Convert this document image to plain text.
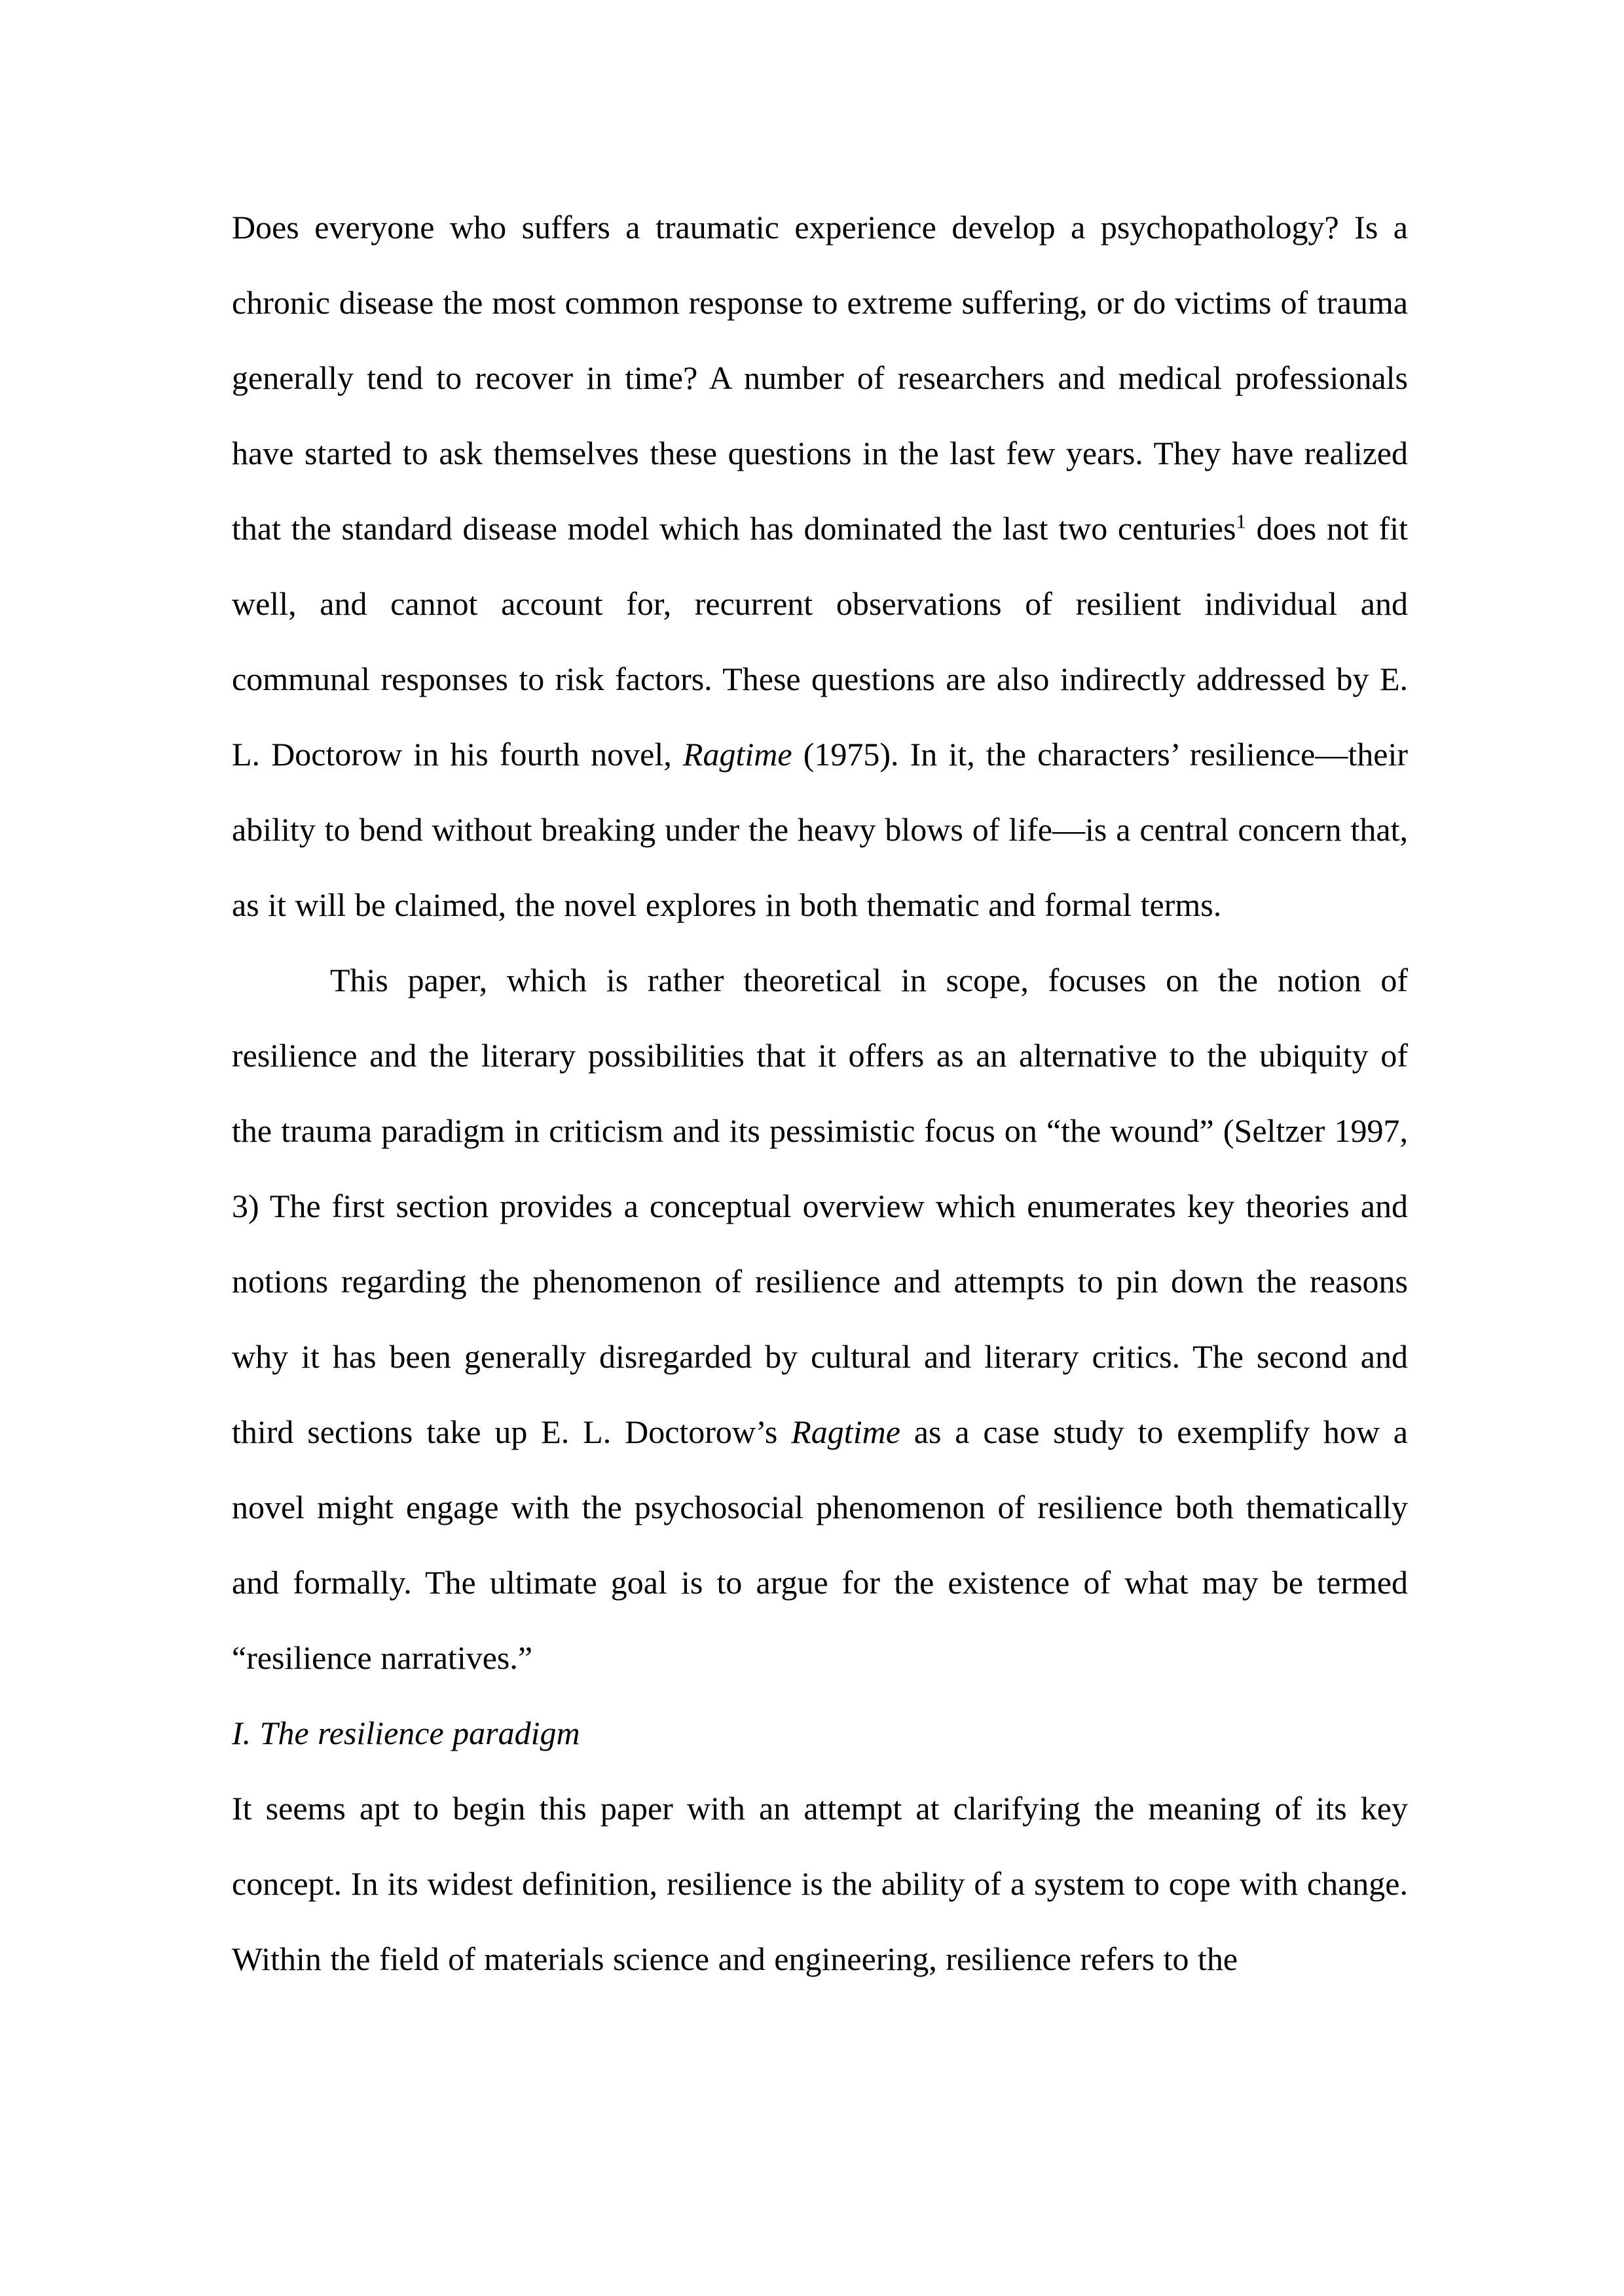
Does everyone who suffers a traumatic experience develop a psychopathology? Is a chronic disease the most common response to extreme suffering, or do victims of trauma generally tend to recover in time? A number of researchers and medical professionals have started to ask themselves these questions in the last few years. They have realized that the standard disease model which has dominated the last two centuries$^1$ does not fit well, and cannot account for, recurrent observations of resilient individual and communal responses to risk factors. These questions are also indirectly addressed by E. L. Doctorow in his fourth novel, Ragtime (1975). In it, the characters’ resilience—their ability to bend without breaking under the heavy blows of life—is a central concern that, as it will be claimed, the novel explores in both thematic and formal terms.

This paper, which is rather theoretical in scope, focuses on the notion of resilience and the literary possibilities that it offers as an alternative to the ubiquity of the trauma paradigm in criticism and its pessimistic focus on “the wound” (Seltzer 1997, 3) The first section provides a conceptual overview which enumerates key theories and notions regarding the phenomenon of resilience and attempts to pin down the reasons why it has been generally disregarded by cultural and literary critics. The second and third sections take up E. L. Doctorow’s Ragtime as a case study to exemplify how a novel might engage with the psychosocial phenomenon of resilience both thematically and formally. The ultimate goal is to argue for the existence of what may be termed “resilience narratives.”

I. The resilience paradigm

It seems apt to begin this paper with an attempt at clarifying the meaning of its key concept. In its widest definition, resilience is the ability of a system to cope with change. Within the field of materials science and engineering, resilience refers to the
